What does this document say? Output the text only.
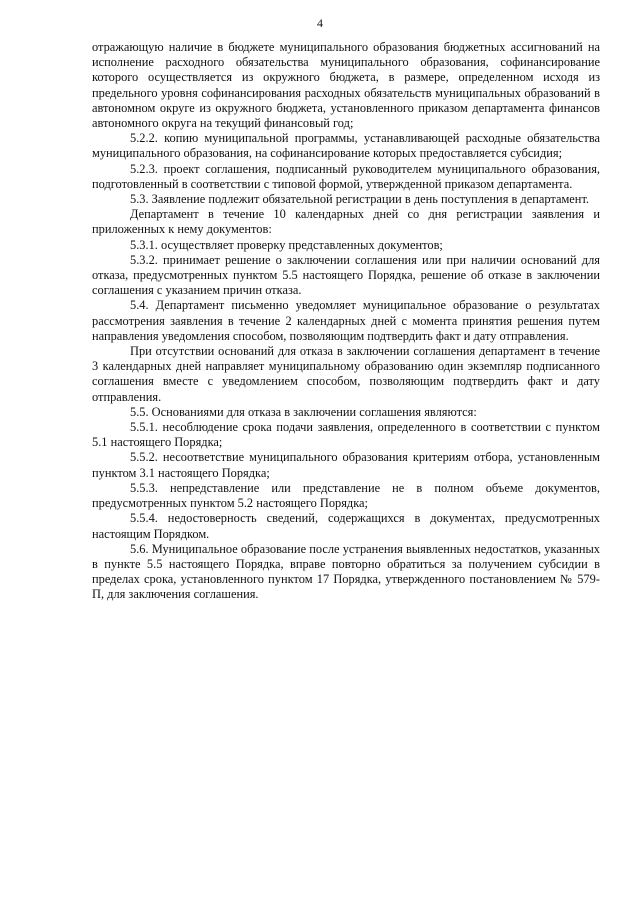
4

отражающую наличие в бюджете муниципального образования бюджетных ассигнований на исполнение расходного обязательства муниципального образования, софинансирование которого осуществляется из окружного бюджета, в размере, определенном исходя из предельного уровня софинансирования расходных обязательств муниципальных образований в автономном округе из окружного бюджета, установленного приказом департамента финансов автономного округа на текущий финансовый год;

5.2.2. копию муниципальной программы, устанавливающей расходные обязательства муниципального образования, на софинансирование которых предоставляется субсидия;

5.2.3. проект соглашения, подписанный руководителем муниципального образования, подготовленный в соответствии с типовой формой, утвержденной приказом департамента.

5.3. Заявление подлежит обязательной регистрации в день поступления в департамент.

Департамент в течение 10 календарных дней со дня регистрации заявления и приложенных к нему документов:

5.3.1. осуществляет проверку представленных документов;

5.3.2. принимает решение о заключении соглашения или при наличии оснований для отказа, предусмотренных пунктом 5.5 настоящего Порядка, решение об отказе в заключении соглашения с указанием причин отказа.

5.4. Департамент письменно уведомляет муниципальное образование о результатах рассмотрения заявления в течение 2 календарных дней с момента принятия решения путем направления уведомления способом, позволяющим подтвердить факт и дату отправления.

При отсутствии оснований для отказа в заключении соглашения департамент в течение 3 календарных дней направляет муниципальному образованию один экземпляр подписанного соглашения вместе с уведомлением способом, позволяющим подтвердить факт и дату отправления.

5.5. Основаниями для отказа в заключении соглашения являются:

5.5.1. несоблюдение срока подачи заявления, определенного в соответствии с пунктом 5.1 настоящего Порядка;

5.5.2. несоответствие муниципального образования критериям отбора, установленным пунктом 3.1 настоящего Порядка;

5.5.3. непредставление или представление не в полном объеме документов, предусмотренных пунктом 5.2 настоящего Порядка;

5.5.4. недостоверность сведений, содержащихся в документах, предусмотренных настоящим Порядком.

5.6. Муниципальное образование после устранения выявленных недостатков, указанных в пункте 5.5 настоящего Порядка, вправе повторно обратиться за получением субсидии в пределах срока, установленного пунктом 17 Порядка, утвержденного постановлением № 579-П, для заключения соглашения.
